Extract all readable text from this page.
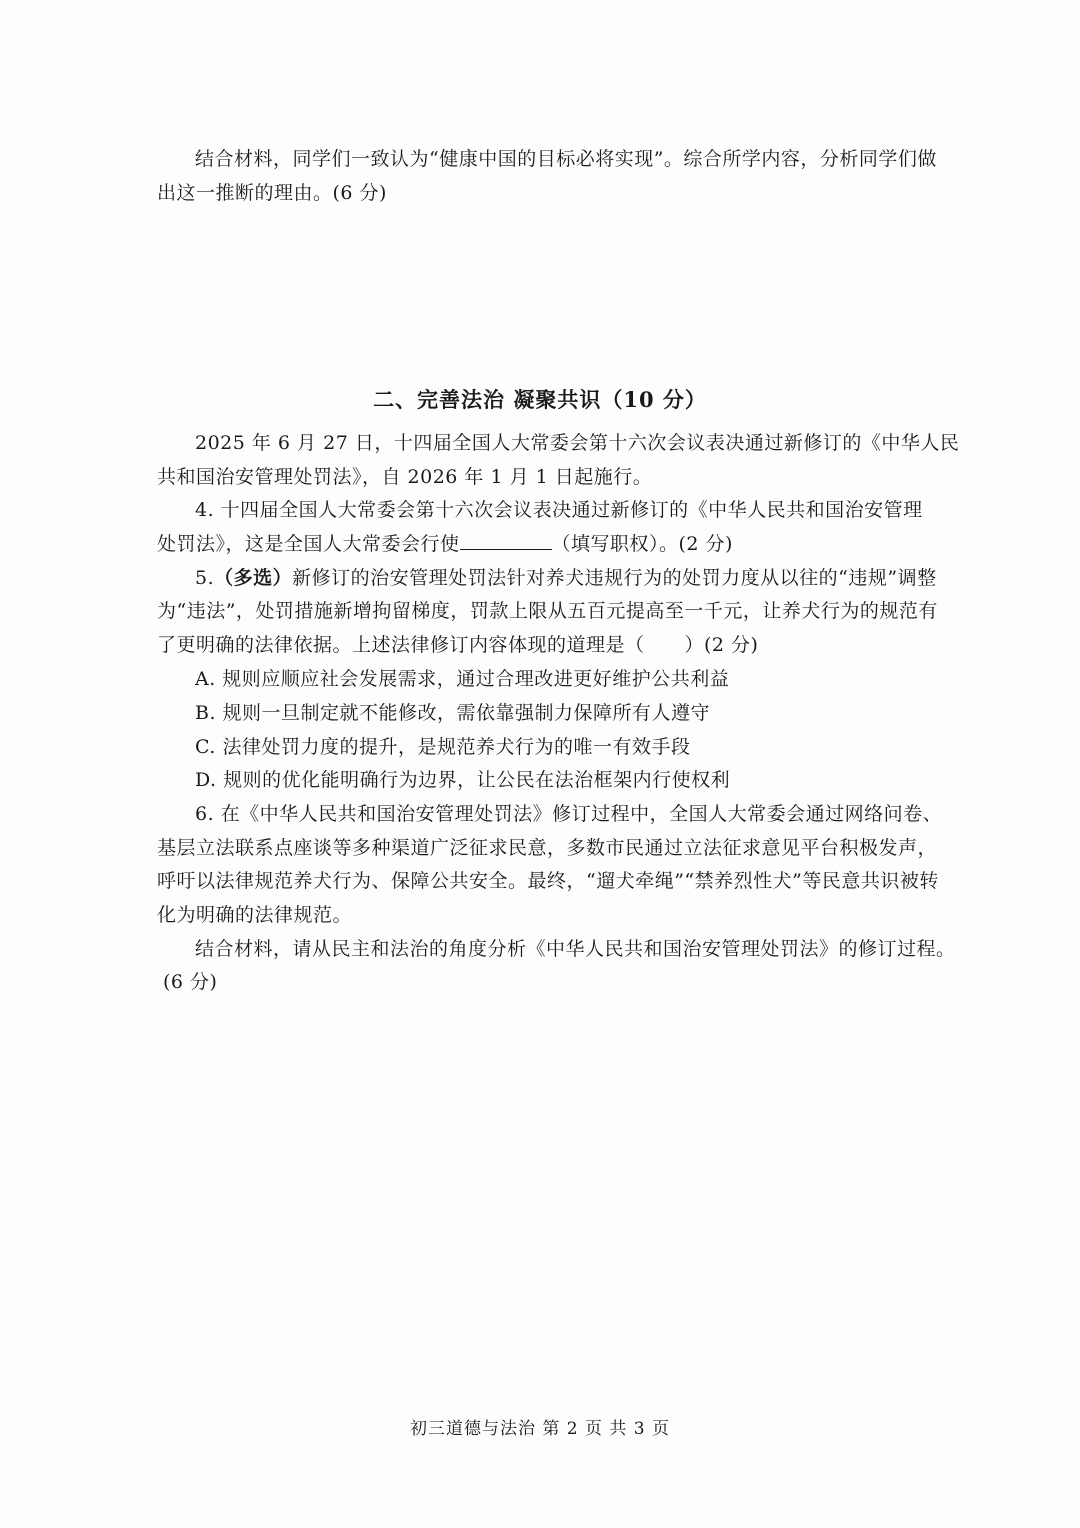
结合材料，同学们一致认为“健康中国的目标必将实现”。综合所学内容，分析同学们做
出这一推断的理由。(6 分)
二、完善法治 凝聚共识（10 分）
2025 年 6 月 27 日，十四届全国人大常委会第十六次会议表决通过新修订的《中华人民
共和国治安管理处罚法》，自 2026 年 1 月 1 日起施行。
4. 十四届全国人大常委会第十六次会议表决通过新修订的《中华人民共和国治安管理
处罚法》，这是全国人大常委会行使	（填写职权）。(2 分)
5.（多选）新修订的治安管理处罚法针对养犬违规行为的处罚力度从以往的“违规”调整
为“违法”，处罚措施新增拘留梯度，罚款上限从五百元提高至一千元，让养犬行为的规范有
了更明确的法律依据。上述法律修订内容体现的道理是（ ）(2 分)
A. 规则应顺应社会发展需求，通过合理改进更好维护公共利益
B. 规则一旦制定就不能修改，需依靠强制力保障所有人遵守
C. 法律处罚力度的提升，是规范养犬行为的唯一有效手段
D. 规则的优化能明确行为边界，让公民在法治框架内行使权利
6. 在《中华人民共和国治安管理处罚法》修订过程中，全国人大常委会通过网络问卷、
基层立法联系点座谈等多种渠道广泛征求民意，多数市民通过立法征求意见平台积极发声，
呼吁以法律规范养犬行为、保障公共安全。最终，“遛犬牵绳”“禁养烈性犬”等民意共识被转
化为明确的法律规范。
结合材料，请从民主和法治的角度分析《中华人民共和国治安管理处罚法》的修订过程。
(6 分)
初三道德与法治 第 2 页 共 3 页
